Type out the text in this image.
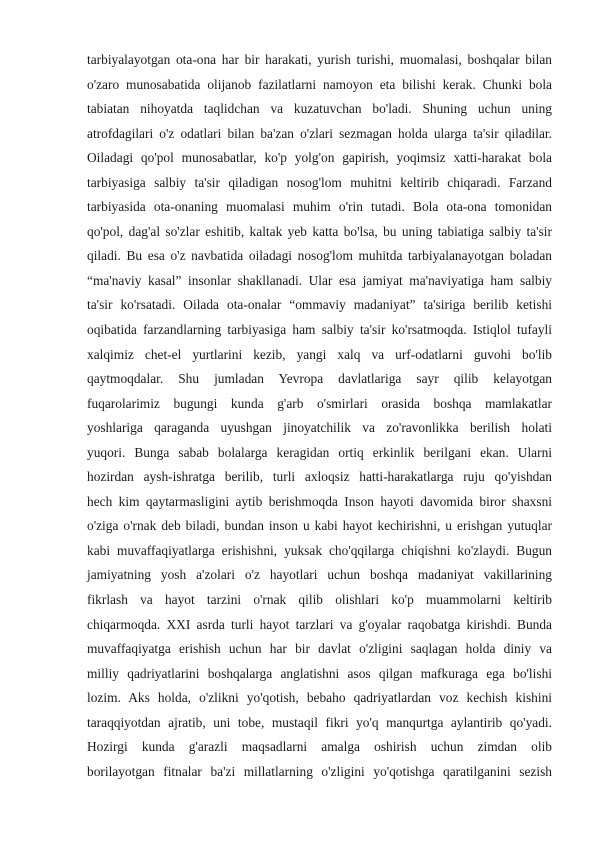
tarbiyalayotgan ota-ona har bir harakati, yurish turishi, muomalasi, boshqalar bilan
o'zaro munosabatida olijanob fazilatlarni namoyon eta bilishi kerak. Chunki bola
tabiatan nihoyatda taqlidchan va kuzatuvchan bo'ladi. Shuning uchun uning
atrofdagilari o'z odatlari bilan ba'zan o'zlari sezmagan holda ularga ta'sir qiladilar.
Oiladagi qo'pol munosabatlar, ko'p yolg'on gapirish, yoqimsiz xatti-harakat bola
tarbiyasiga salbiy ta'sir qiladigan nosog'lom muhitni keltirib chiqaradi. Farzand
tarbiyasida ota-onaning muomalasi muhim o'rin tutadi. Bola ota-ona tomonidan
qo'pol, dag'al so'zlar eshitib, kaltak yeb katta bo'lsa, bu uning tabiatiga salbiy ta'sir
qiladi. Bu esa o'z navbatida oiladagi nosog'lom muhitda tarbiyalanayotgan boladan
“ma'naviy kasal” insonlar shakllanadi. Ular esa jamiyat ma'naviyatiga ham salbiy
ta'sir ko'rsatadi. Oilada ota-onalar “ommaviy madaniyat” ta'siriga berilib ketishi
oqibatida farzandlarning tarbiyasiga ham salbiy ta'sir ko'rsatmoqda. Istiqlol tufayli
xalqimiz chet-el yurtlarini kezib, yangi xalq va urf-odatlarni guvohi bo'lib
qaytmoqdalar. Shu jumladan Yevropa davlatlariga sayr qilib kelayotgan
fuqarolarimiz bugungi kunda g'arb o'smirlari orasida boshqa mamlakatlar
yoshlariga qaraganda uyushgan jinoyatchilik va zo'ravonlikka berilish holati
yuqori. Bunga sabab bolalarga keragidan ortiq erkinlik berilgani ekan. Ularni
hozirdan aysh-ishratga berilib, turli axloqsiz hatti-harakatlarga ruju qo'yishdan
hech kim qaytarmasligini aytib berishmoqda Inson hayoti davomida biror shaxsni
o'ziga o'rnak deb biladi, bundan inson u kabi hayot kechirishni, u erishgan yutuqlar
kabi muvaffaqiyatlarga erishishni, yuksak cho'qqilarga chiqishni ko'zlaydi. Bugun
jamiyatning yosh a'zolari o'z hayotlari uchun boshqa madaniyat vakillarining
fikrlash va hayot tarzini o'rnak qilib olishlari ko'p muammolarni keltirib
chiqarmoqda. XXI asrda turli hayot tarzlari va g'oyalar raqobatga kirishdi. Bunda
muvaffaqiyatga erishish uchun har bir davlat o'zligini saqlagan holda diniy va
milliy qadriyatlarini boshqalarga anglatishni asos qilgan mafkuraga ega bo'lishi
lozim. Aks holda, o'zlikni yo'qotish, bebaho qadriyatlardan voz kechish kishini
taraqqiyotdan ajratib, uni tobe, mustaqil fikri yo'q manqurtga aylantirib qo'yadi.
Hozirgi kunda g'arazli maqsadlarni amalga oshirish uchun zimdan olib
borilayotgan fitnalar ba'zi millatlarning o'zligini yo'qotishga qaratilganini sezish
